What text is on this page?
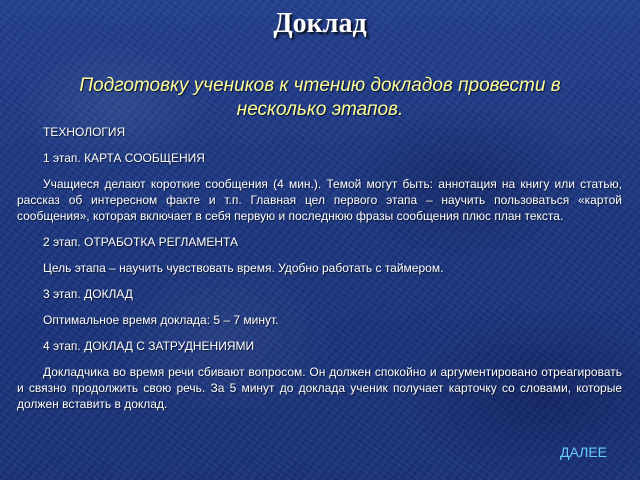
Доклад

Подготовку учеников к чтению докладов провести в несколько этапов.

ТЕХНОЛОГИЯ

1 этап. КАРТА СООБЩЕНИЯ

Учащиеся делают короткие сообщения (4 мин.). Темой могут быть: аннотация на книгу или статью, рассказ об интересном факте и т.п. Главная цел первого этапа – научить пользоваться «картой сообщения», которая включает в себя первую и последнюю фразы сообщения плюс план текста.

2 этап. ОТРАБОТКА РЕГЛАМЕНТА

Цель этапа – научить чувствовать время. Удобно работать с таймером.

3 этап. ДОКЛАД

Оптимальное время доклада: 5 – 7 минут.

4 этап. ДОКЛАД С ЗАТРУДНЕНИЯМИ

Докладчика во время речи сбивают вопросом. Он должен спокойно и аргументировано отреагировать и связно продолжить свою речь. За 5 минут до доклада ученик получает карточку со словами, которые должен вставить в доклад.

ДАЛЕЕ
